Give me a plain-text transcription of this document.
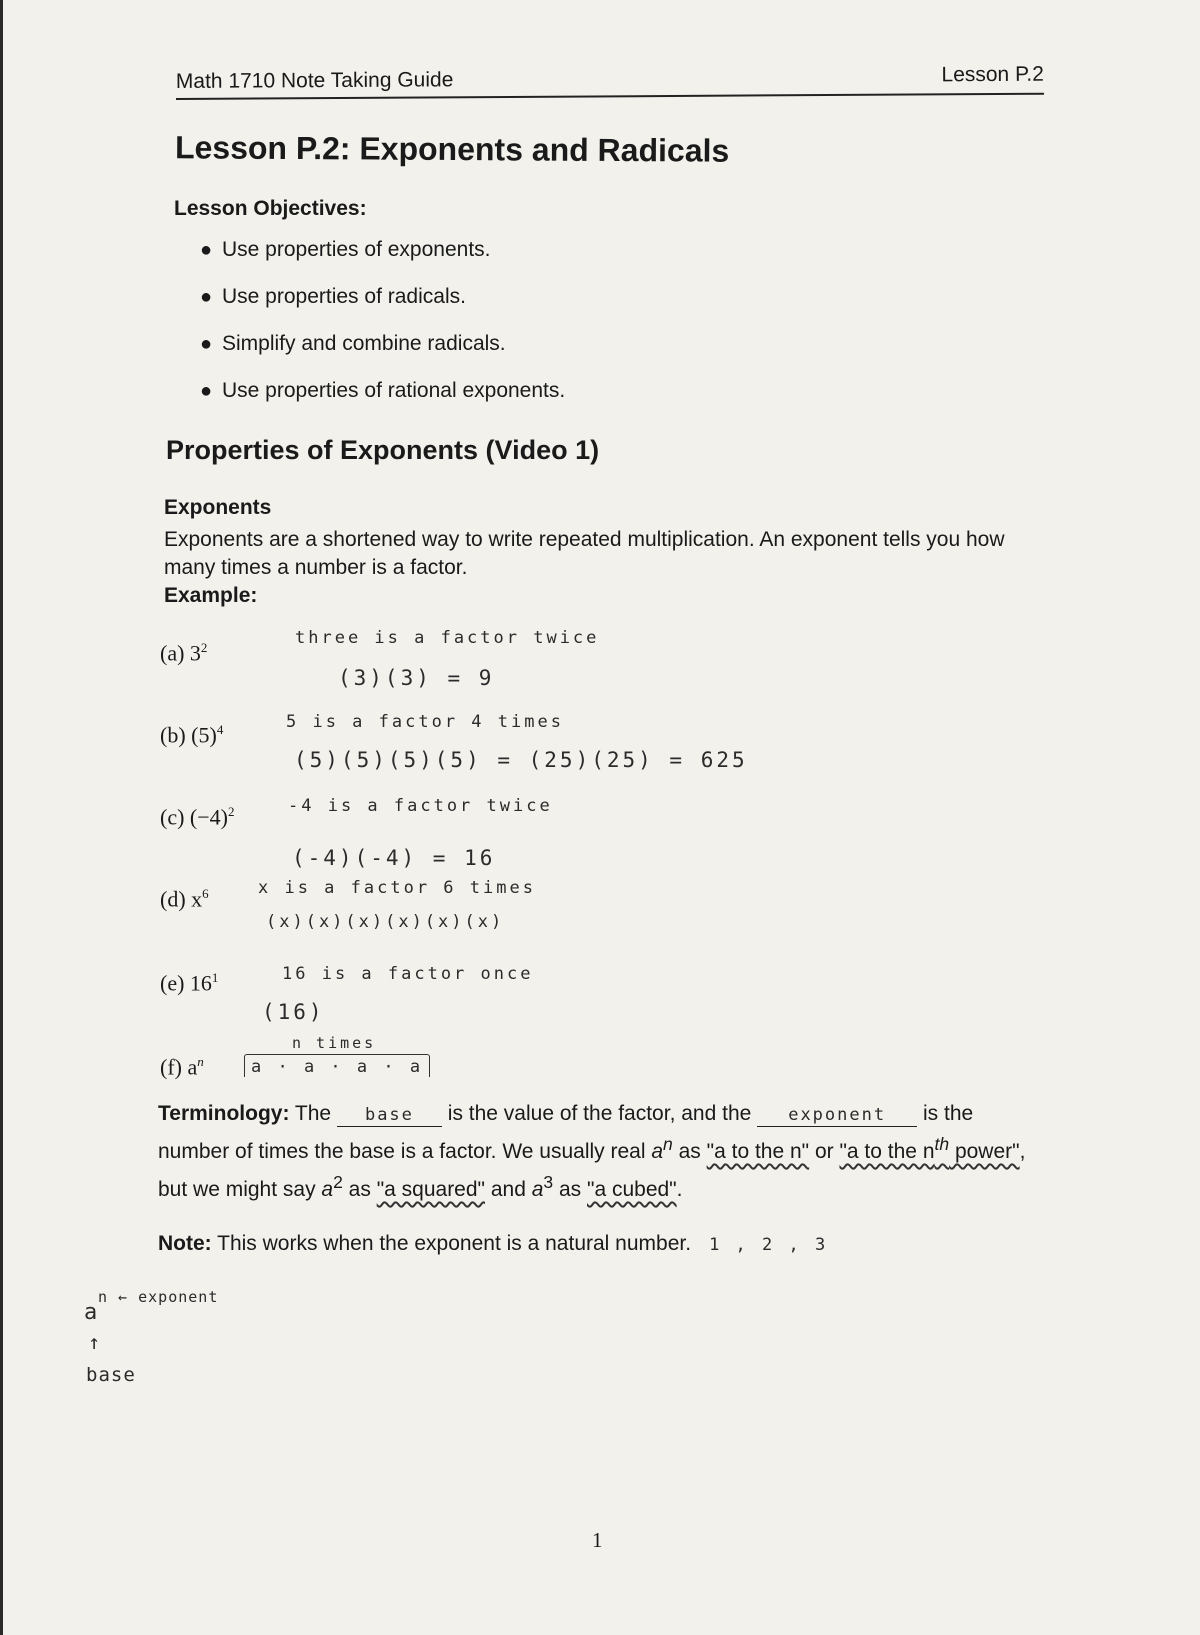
Math 1710 Note Taking Guide	Lesson P.2
Lesson P.2: Exponents and Radicals
Lesson Objectives:
● Use properties of exponents.
● Use properties of radicals.
● Simplify and combine radicals.
● Use properties of rational exponents.
Properties of Exponents (Video 1)
Exponents
Exponents are a shortened way to write repeated multiplication. An exponent tells you how many times a number is a factor.
Example:
(a) $3^2$	three is a factor twice
(3)(3) = 9
(b) $(5)^4$	5 is a factor 4 times
(5)(5)(5)(5) = (25)(25) = 625
(c) $(-4)^2$	-4 is a factor twice
(-4)(-4) = 16
(d) $x^6$	x is a factor 6 times
(x)(x)(x)(x)(x)(x)
(e) $16^1$	16 is a factor once
(16)
(f) $a^n$
n times
a · a · a · a
Terminology: The base is the value of the factor, and the exponent is the number of times the base is a factor. We usually real $a^n$ as "a to the n" or "a to the $n^{th}$ power", but we might say $a^2$ as "a squared" and $a^3$ as "a cubed".
Note: This works when the exponent is a natural number. 1 , 2 , 3
a
n ← exponent
↑
base
1
